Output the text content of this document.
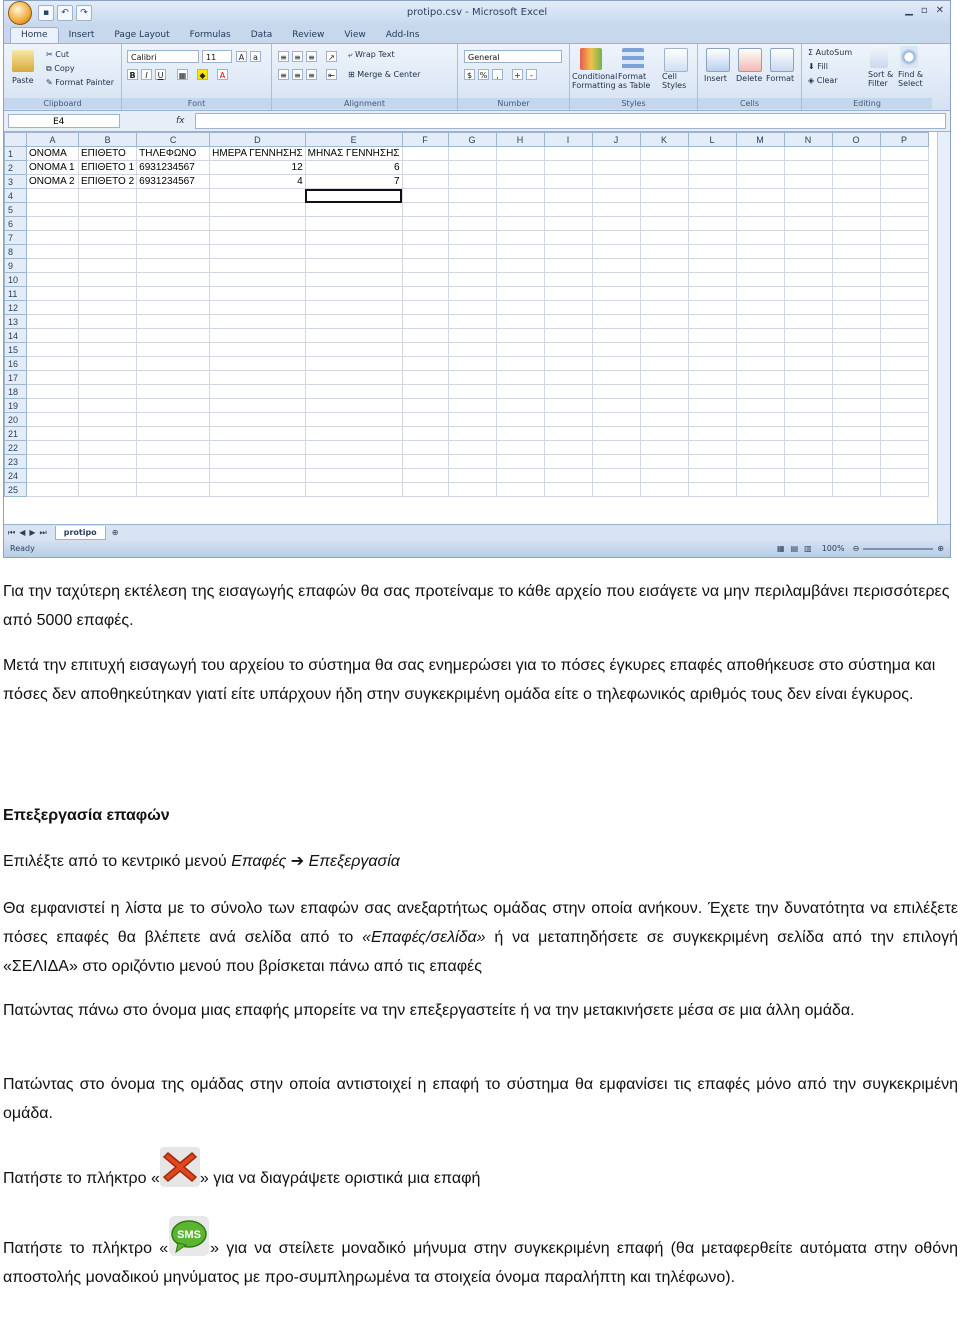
▪	↶	↷	protipo.csv - Microsoft Excel	▁ ▫ ✕
Home	Insert	Page Layout	Formulas	Data	Review	View	Add-Ins
Paste
✂ Cut
⧉ Copy
✎ Format Painter
Clipboard
Calibri	11	A	a
B	I	U	▦	◆	A
Font
≡ ≡ ≡ ↗ ⤶ Wrap Text
≡ ≡ ≡ ⇤ ⊞ Merge & Center
Alignment
General
$ %	,	+	-
Number
Conditional
Formatting
Format
as Table
Cell
Styles
Styles
Insert Delete Format
Cells
Σ AutoSum
⬇ Fill
◈ Clear
Sort &
Filter
Find &
Select
Editing
E4	fx
	A	B	C	D	E	F	G	H	I	J	K	L	M	N	O	P
1	ΟΝΟΜΑ	ΕΠΙΘΕΤΟ	ΤΗΛΕΦΩΝΟ	ΗΜΕΡΑ ΓΕΝΝΗΣΗΣ	ΜΗΝΑΣ ΓΕΝΝΗΣΗΣ											
2	ΟΝΟΜΑ 1	ΕΠΙΘΕΤΟ 1	6931234567	12	6											
3	ΟΝΟΜΑ 2	ΕΠΙΘΕΤΟ 2	6931234567	4	7											
4																
5																
6																
7																
8																
9																
10																
11																
12																
13																
14																
15																
16																
17																
18																
19																
20																
21																
22																
23																
24																
25																
⏮ ◀ ▶ ⏭	protipo	⊕
Ready	▦ ▤ ▥ 100% ⊖	⊕
Για την ταχύτερη εκτέλεση της εισαγωγής επαφών θα σας προτείναμε το κάθε αρχείο που εισάγετε να μην περιλαμβάνει περισσότερες από 5000 επαφές.
Μετά την επιτυχή εισαγωγή του αρχείου το σύστημα θα σας ενημερώσει για το πόσες έγκυρες επαφές αποθήκευσε στο σύστημα και πόσες δεν αποθηκεύτηκαν γιατί είτε υπάρχουν ήδη στην συγκεκριμένη ομάδα είτε ο τηλεφωνικός αριθμός τους δεν είναι έγκυρος.
Επεξεργασία επαφών
Επιλέξτε από το κεντρικό μενού Επαφές ➔ Επεξεργασία
Θα εμφανιστεί η λίστα με το σύνολο των επαφών σας ανεξαρτήτως ομάδας στην οποία ανήκουν. Έχετε την δυνατότητα να επιλέξετε πόσες επαφές θα βλέπετε ανά σελίδα από το «Επαφές/σελίδα» ή να μεταπηδήσετε σε συγκεκριμένη σελίδα από την επιλογή «ΣΕΛΙΔΑ» στο οριζόντιο μενού που βρίσκεται πάνω από τις επαφές
Πατώντας πάνω στο όνομα μιας επαφής μπορείτε να την επεξεργαστείτε ή να την μετακινήσετε μέσα σε μια άλλη ομάδα.
Πατώντας στο όνομα της ομάδας στην οποία αντιστοιχεί η επαφή το σύστημα θα εμφανίσει τις επαφές μόνο από την συγκεκριμένη ομάδα.
Πατήστε το πλήκτρο «	» για να διαγράψετε οριστικά μια επαφή
Πατήστε το πλήκτρο «
SMS
» για να στείλετε μοναδικό μήνυμα στην συγκεκριμένη επαφή (θα μεταφερθείτε αυτόματα στην οθόνη αποστολής μοναδικού μηνύματος με προ-συμπληρωμένα τα στοιχεία όνομα παραλήπτη και τηλέφωνο).
